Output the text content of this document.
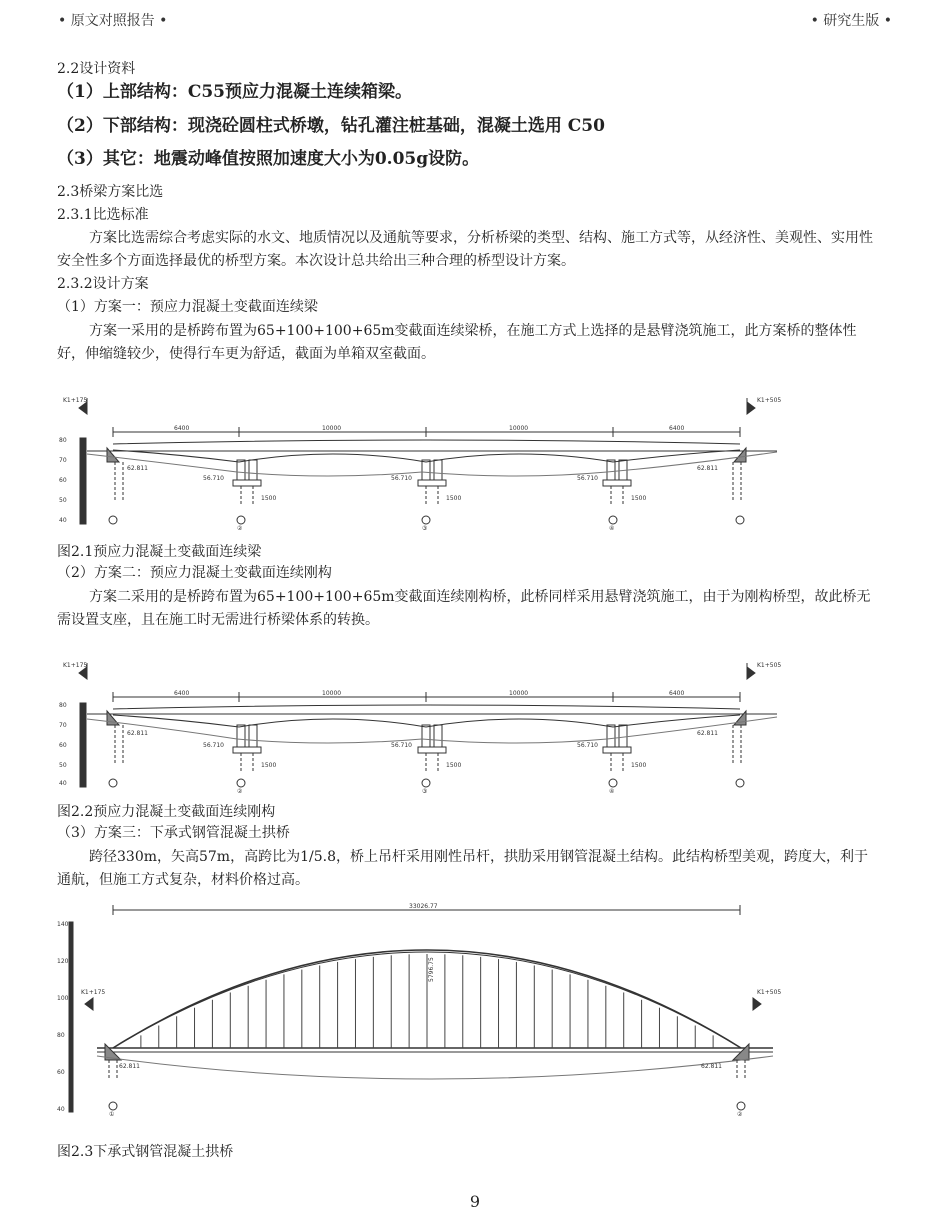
• 原文对照报告 •	• 研究生版 •
2.2设计资料
（1）上部结构：C55预应力混凝土连续箱梁。
（2）下部结构：现浇砼圆柱式桥墩，钻孔灌注桩基础，混凝土选用 C50
（3）其它：地震动峰值按照加速度大小为0.05g设防。
2.3桥梁方案比选
2.3.1比选标准
方案比选需综合考虑实际的水文、地质情况以及通航等要求，分析桥梁的类型、结构、施工方式等，从经济性、美观性、实用性安全性多个方面选择最优的桥型方案。本次设计总共给出三种合理的桥型设计方案。
2.3.2设计方案
（1）方案一：预应力混凝土变截面连续梁
方案一采用的是桥跨布置为65+100+100+65m变截面连续梁桥，在施工方式上选择的是悬臂浇筑施工，此方案桥的整体性好，伸缩缝较少，使得行车更为舒适，截面为单箱双室截面。
6400	10000	10000	6400
56.710	56.710	56.710
62.811	62.811
K1+175	K1+505
80
70
60
50
40
1500	1500	1500
②	③	④
图2.1预应力混凝土变截面连续梁
（2）方案二：预应力混凝土变截面连续刚构
方案二采用的是桥跨布置为65+100+100+65m变截面连续刚构桥，此桥同样采用悬臂浇筑施工，由于为刚构桥型，故此桥无需设置支座，且在施工时无需进行桥梁体系的转换。
6400	10000	10000	6400
56.710	56.710	56.710
62.811	62.811
K1+175	K1+505
80
70
60
50
40
1500	1500	1500
②	③	④
图2.2预应力混凝土变截面连续刚构
（3）方案三：下承式钢管混凝土拱桥
跨径330m，矢高57m，高跨比为1/5.8，桥上吊杆采用刚性吊杆，拱肋采用钢管混凝土结构。此结构桥型美观，跨度大，利于通航，但施工方式复杂，材料价格过高。
33026.77
5796.75
140
120
100
80
60
40
62.811	62.811
K1+175	K1+505
①	②
图2.3下承式钢管混凝土拱桥
9
